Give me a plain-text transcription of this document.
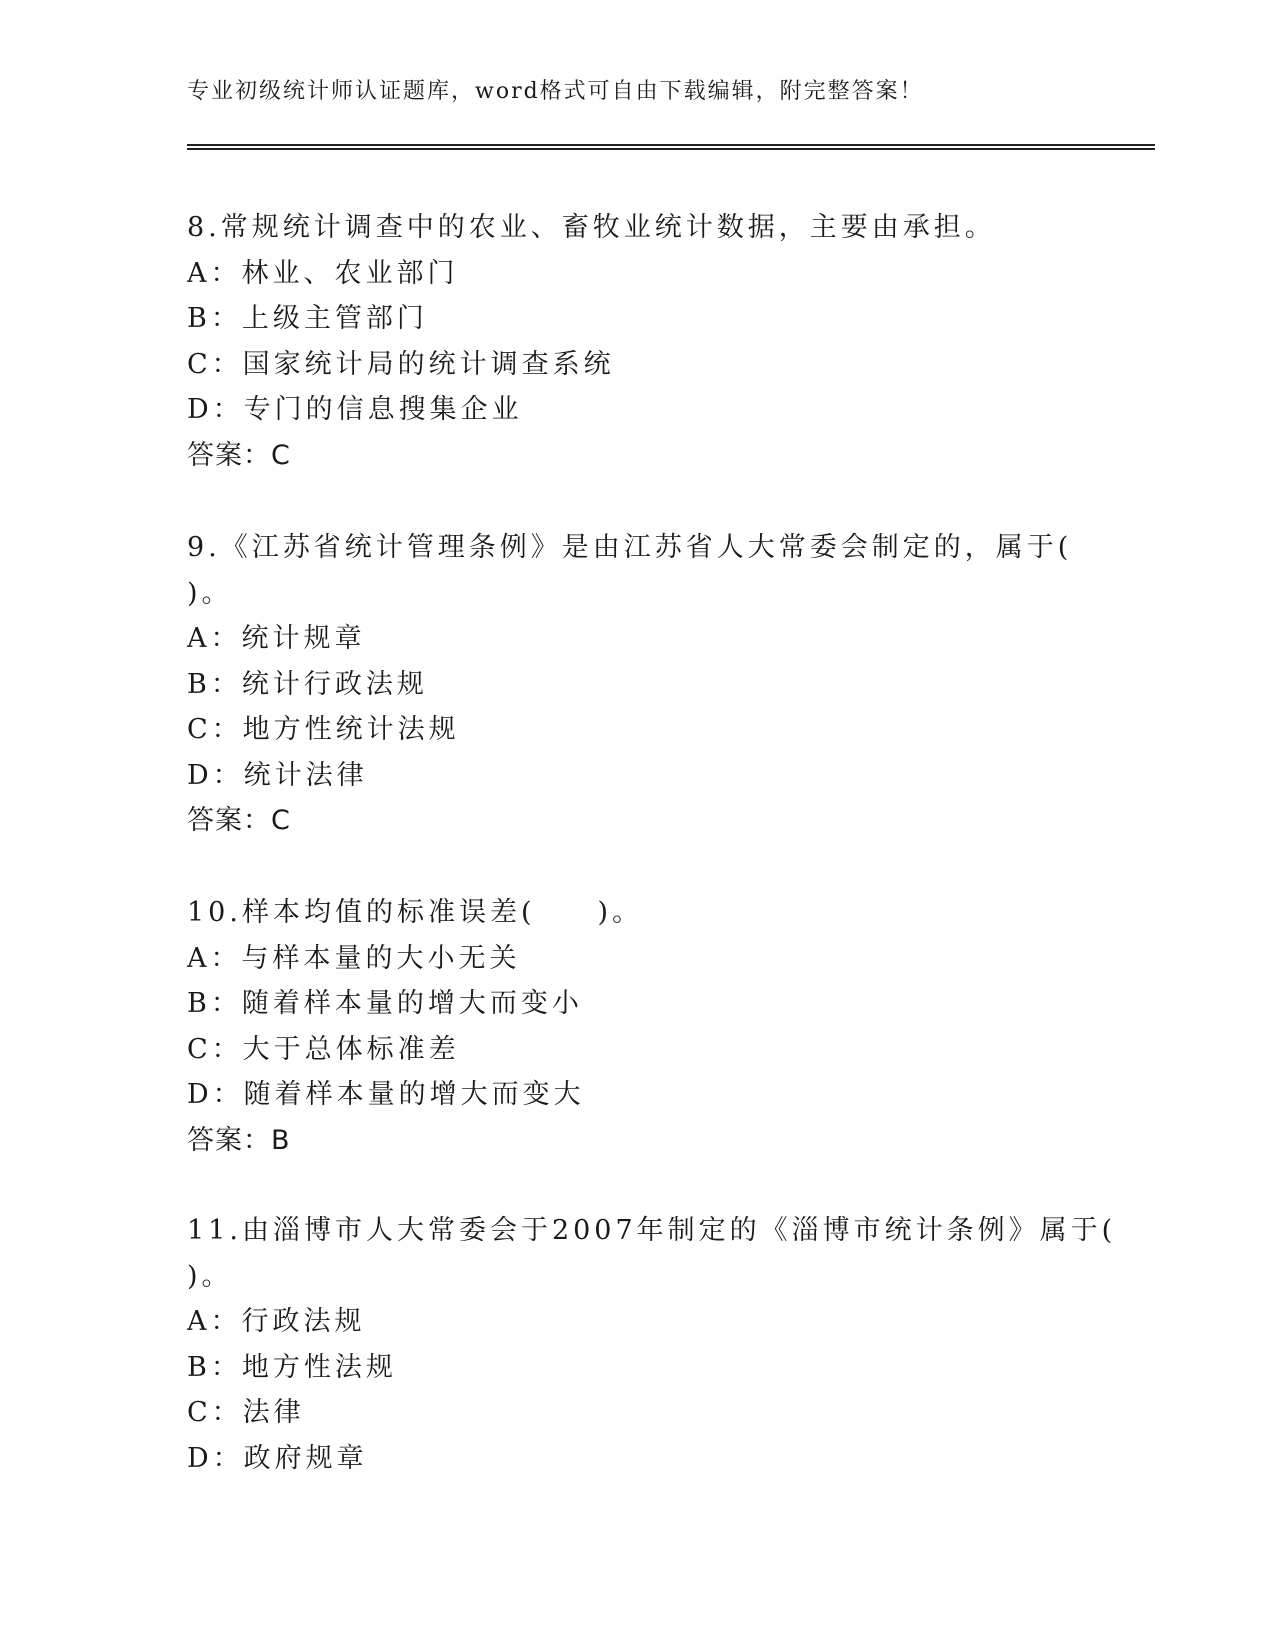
专业初级统计师认证题库，word格式可自由下载编辑，附完整答案！
8.常规统计调查中的农业、畜牧业统计数据，主要由承担。
A：林业、农业部门
B：上级主管部门
C：国家统计局的统计调查系统
D：专门的信息搜集企业
答案：C
9.《江苏省统计管理条例》是由江苏省人大常委会制定的，属于(
)。
A：统计规章
B：统计行政法规
C：地方性统计法规
D：统计法律
答案：C
10.样本均值的标准误差(　　)。
A：与样本量的大小无关
B：随着样本量的增大而变小
C：大于总体标准差
D：随着样本量的增大而变大
答案：B
11.由淄博市人大常委会于2007年制定的《淄博市统计条例》属于(
)。
A：行政法规
B：地方性法规
C：法律
D：政府规章
